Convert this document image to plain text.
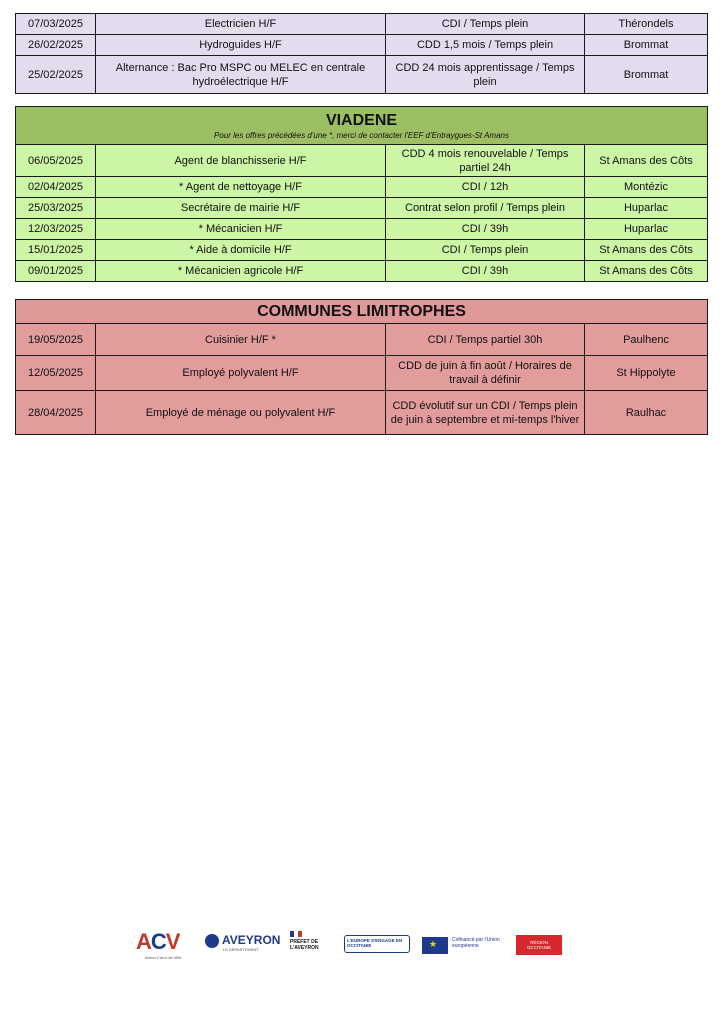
07/03/2025	Electricien H/F	CDI / Temps plein	Thérondels
26/02/2025	Hydroguides H/F	CDD 1,5 mois / Temps plein	Brommat
25/02/2025	Alternance : Bac Pro MSPC ou MELEC en centrale hydroélectrique H/F	CDD 24 mois apprentissage / Temps plein	Brommat
VIADENE
Pour les offres précédées d'une *, merci de contacter l'EEF d'Entraygues-St Amans			

06/05/2025	Agent de blanchisserie H/F	CDD 4 mois renouvelable / Temps partiel 24h	St Amans des Côts
02/04/2025	* Agent de nettoyage H/F	CDI / 12h	Montézic
25/03/2025	Secrétaire de mairie H/F	Contrat selon profil / Temps plein	Huparlac
12/03/2025	* Mécanicien H/F	CDI / 39h	Huparlac
15/01/2025	* Aide à domicile H/F	CDI / Temps plein	St Amans des Côts
09/01/2025	* Mécanicien agricole H/F	CDI / 39h	St Amans des Côts
COMMUNES LIMITROPHES			

19/05/2025	Cuisinier H/F *	CDI / Temps partiel 30h	Paulhenc
12/05/2025	Employé polyvalent H/F	CDD de juin à fin août / Horaires de travail à définir	St Hippolyte
28/04/2025	Employé de ménage ou polyvalent H/F	CDD évolutif sur un CDI / Temps plein de juin à septembre et mi-temps l'hiver	Raulhac
ACV
Action Cœur de Ville
AVEYRON
LE DÉPARTEMENT
PRÉFET DE L'AVEYRON
L'EUROPE S'ENGAGE EN OCCITANIE	★	Cofinancé par l'Union européenne
RÉGION OCCITANIE
